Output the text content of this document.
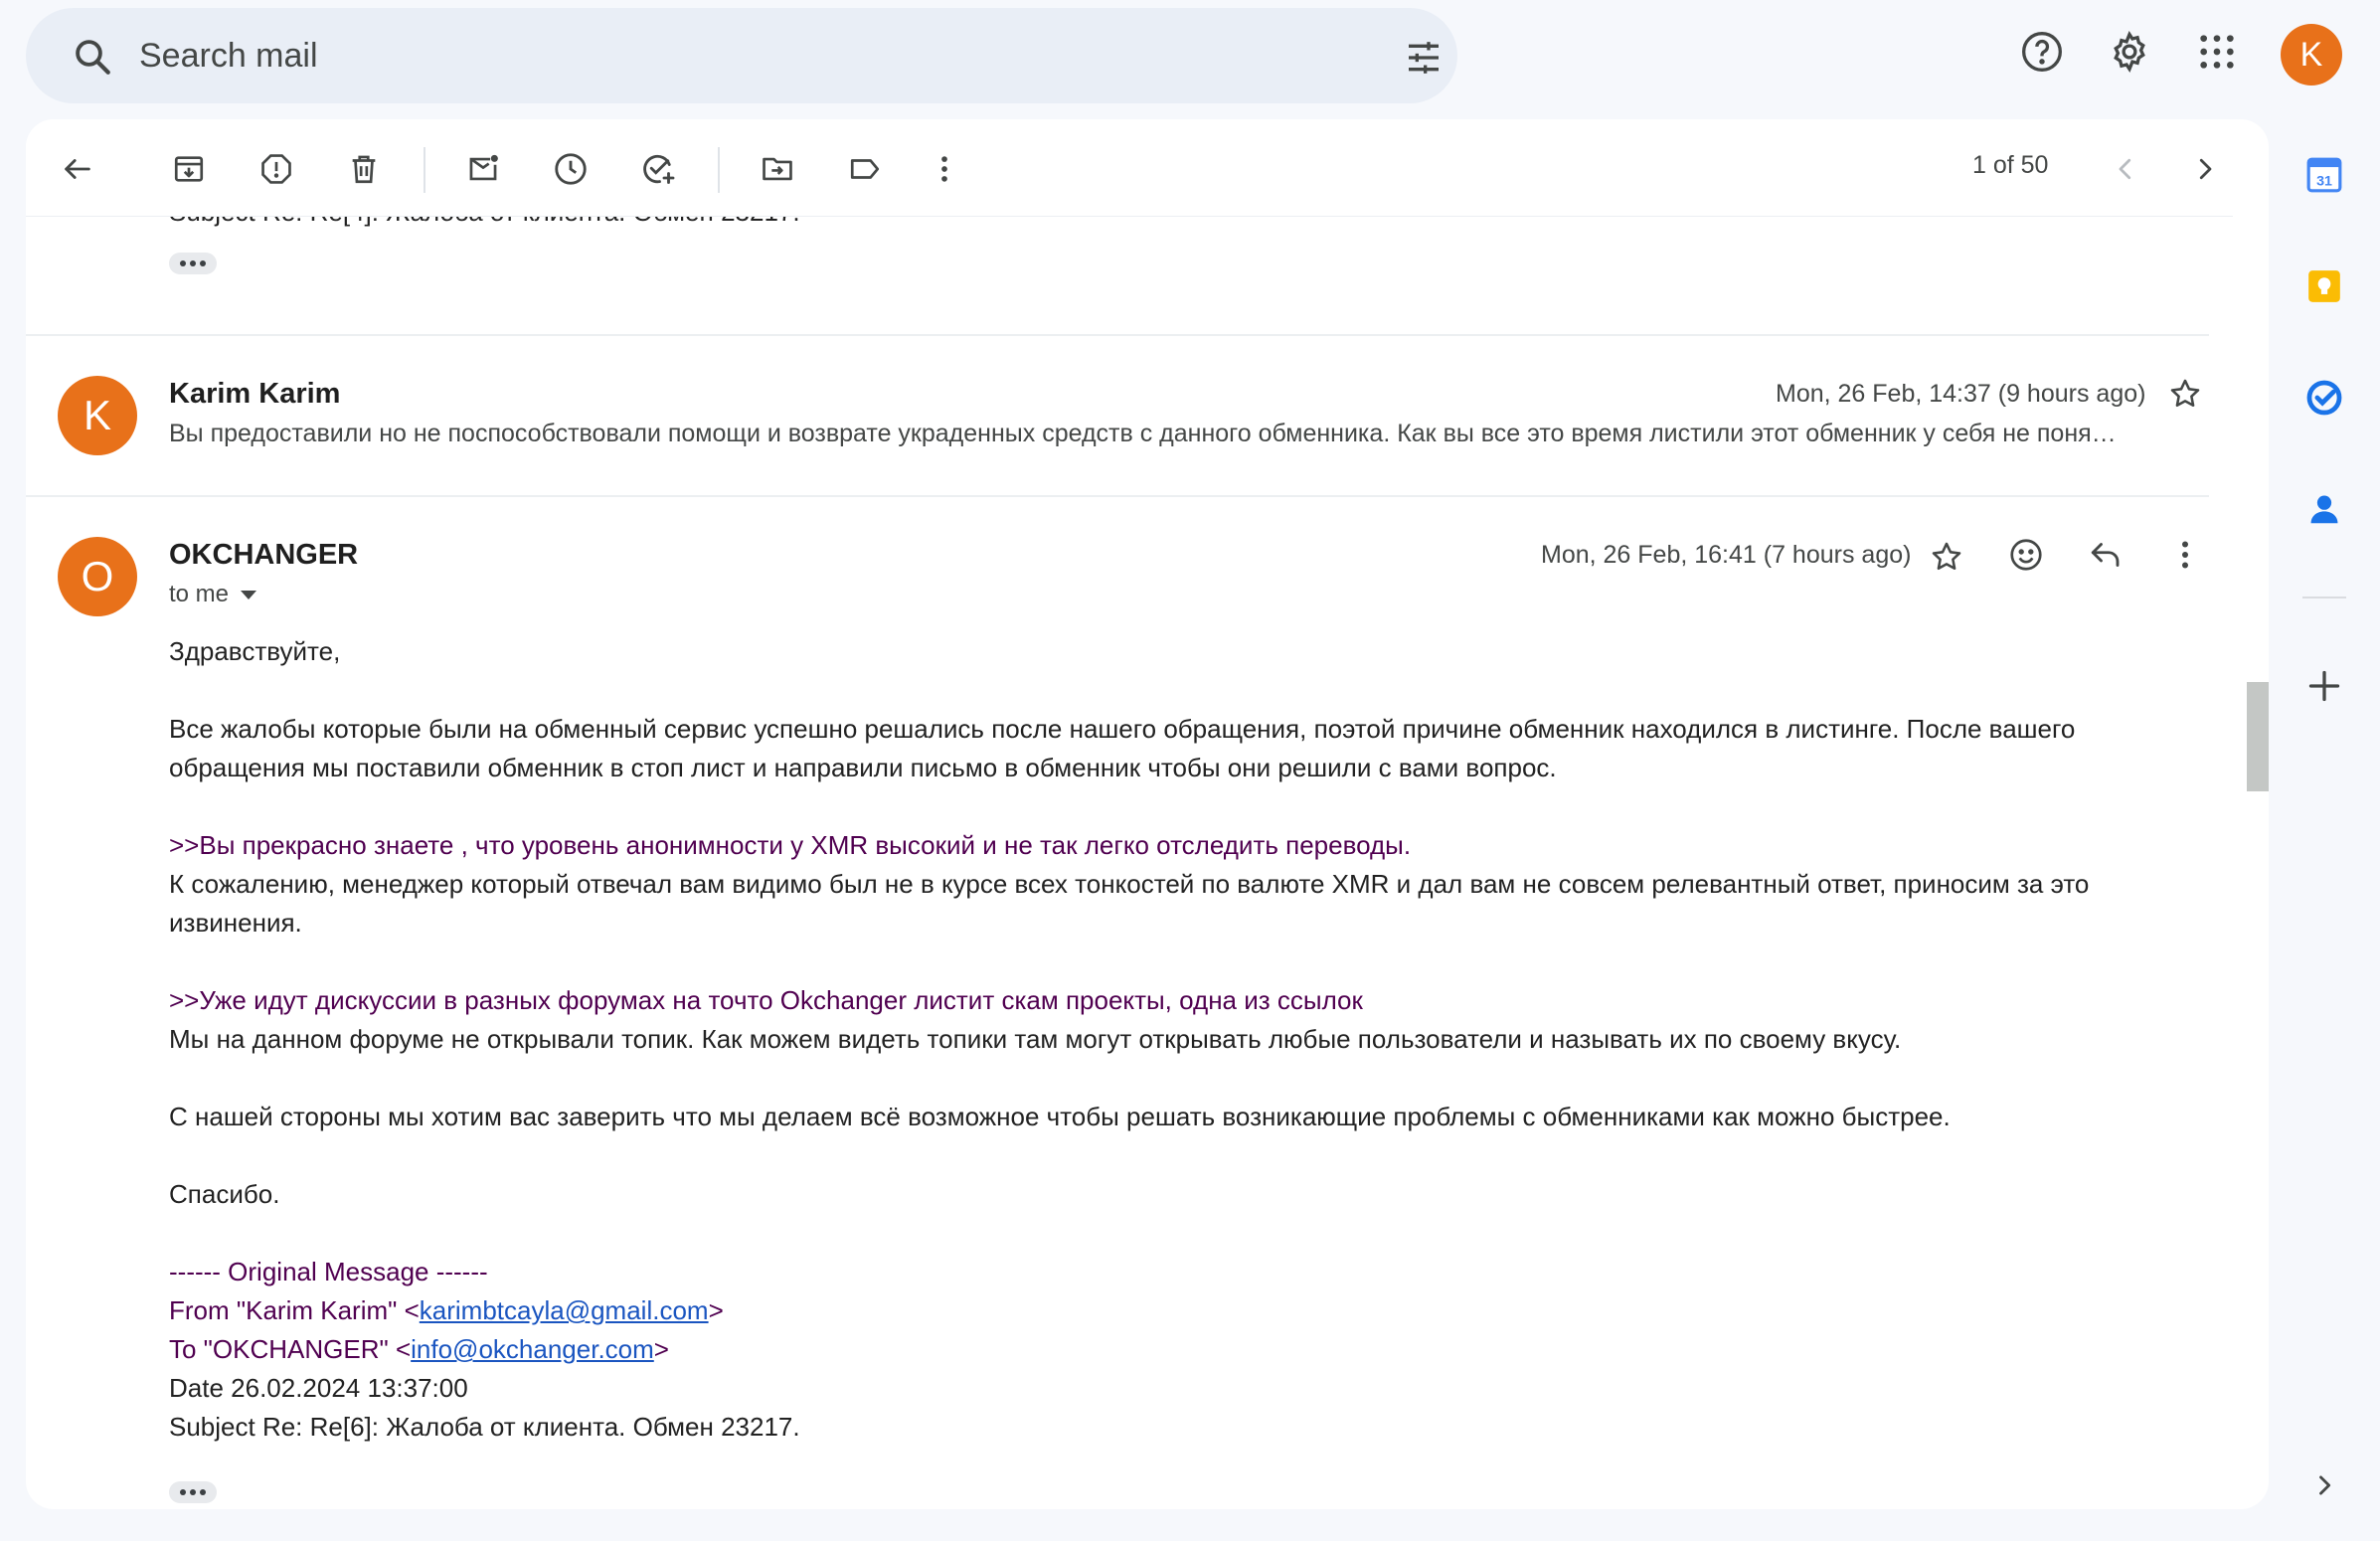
Search mail
K
K	Karim Karim	Mon, 26 Feb, 14:37 (9 hours ago)
Вы предоставили но не поспособствовали помощи и возврате украденных средств с данного обменника. Как вы все это время листили этот обменник у себя не поня…
O	OKCHANGER
to me
Mon, 26 Feb, 16:41 (7 hours ago)
Здравствуйте,
Все жалобы которые были на обменный сервис успешно решались после нашего обращения, поэтой причине обменник находился в листинге. После вашего
обращения мы поставили обменник в стоп лист и направили письмо в обменник чтобы они решили с вами вопрос.
>>Вы прекрасно знаете , что уровень анонимности у XMR высокий и не так легко отследить переводы.
К сожалению, менеджер который отвечал вам видимо был не в курсе всех тонкостей по валюте XMR и дал вам не совсем релевантный ответ, приносим за это
извинения.
>>Уже идут дискуссии в разных форумах на точто Okchanger листит скам проекты, одна из ссылок
Мы на данном форуме не открывали топик. Как можем видеть топики там могут открывать любые пользователи и называть их по своему вкусу.
С нашей стороны мы хотим вас заверить что мы делаем всё возможное чтобы решать возникающие проблемы с обменниками как можно быстрее.
Спасибо.
------ Original Message ------
From "Karim Karim" <karimbtcayla@gmail.com>
To "OKCHANGER" <info@okchanger.com>
Date 26.02.2024 13:37:00
Subject Re: Re[6]: Жалоба от клиента. Обмен 23217.
1 of 50
31
